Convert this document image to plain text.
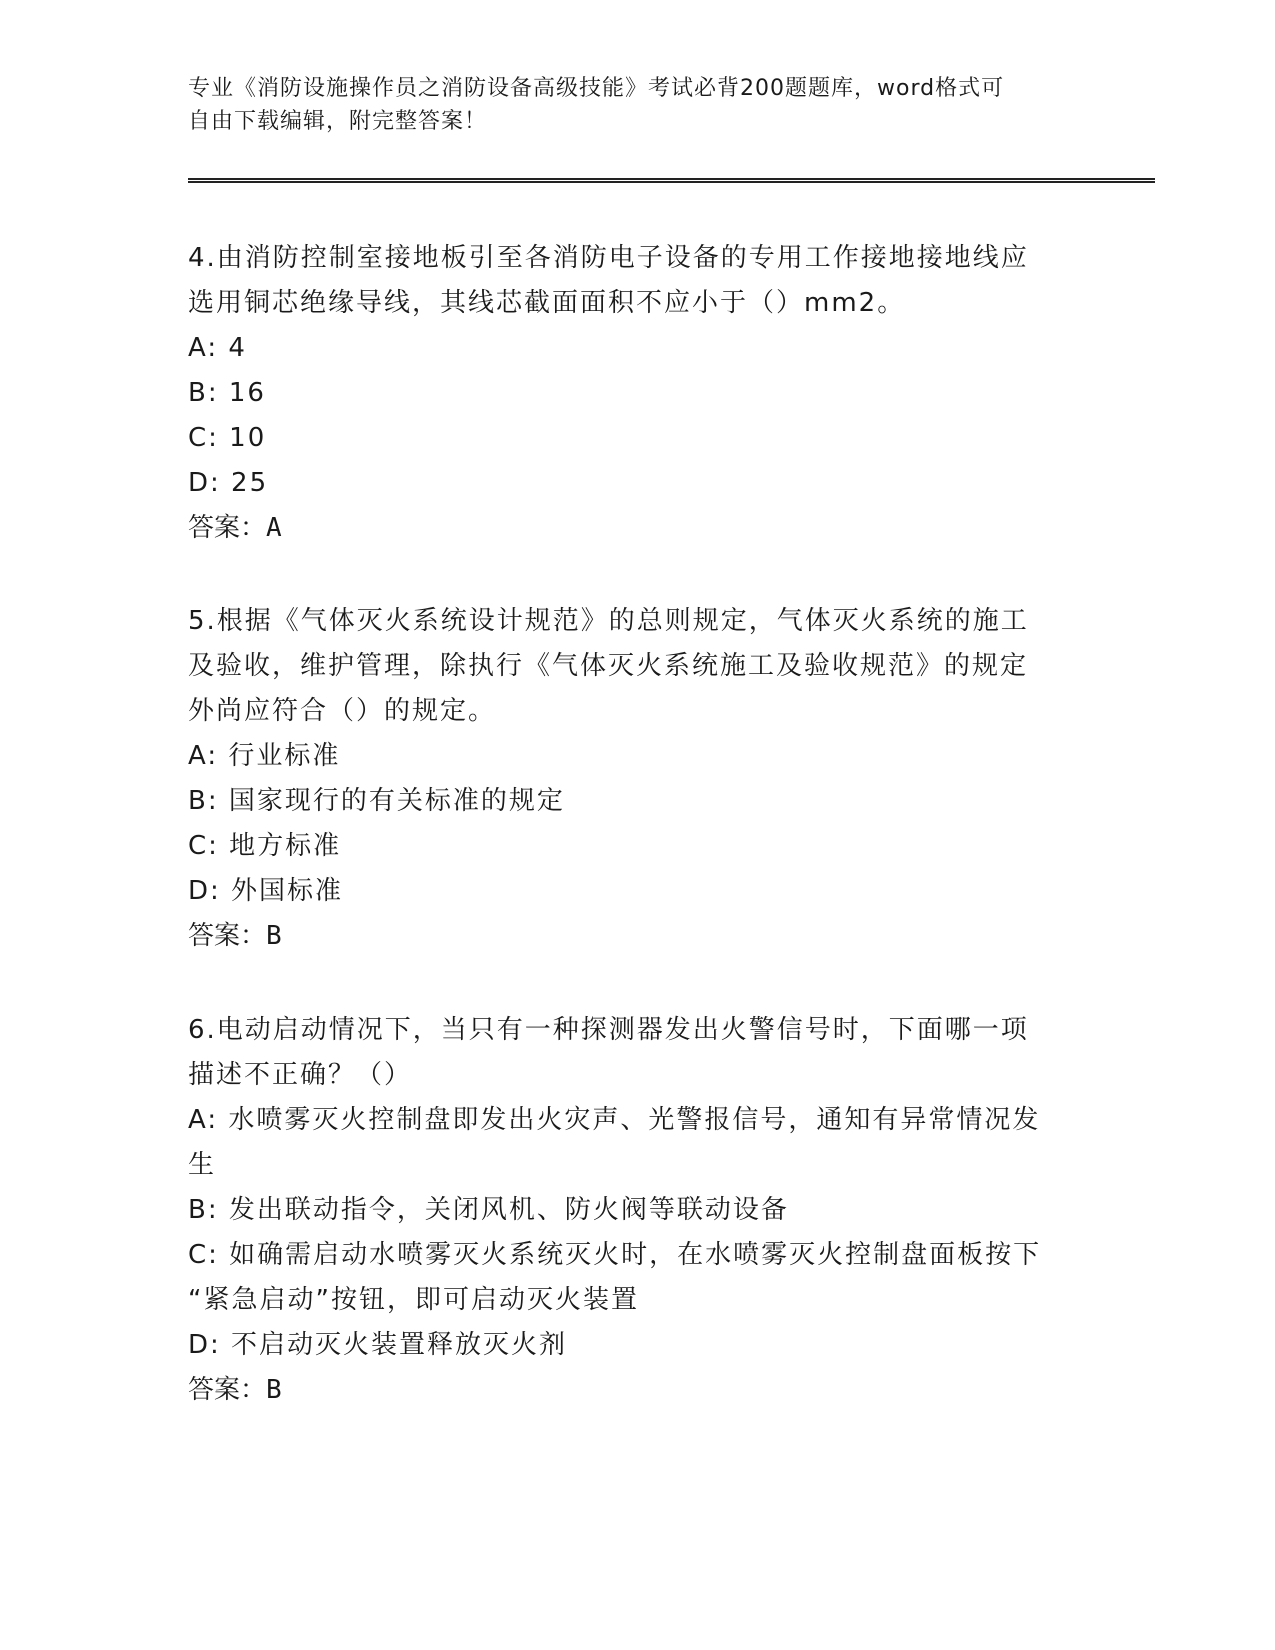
专业《消防设施操作员之消防设备高级技能》考试必背200题题库，word格式可
自由下载编辑，附完整答案！
4.由消防控制室接地板引至各消防电子设备的专用工作接地接地线应
选用铜芯绝缘导线，其线芯截面面积不应小于（）mm2。
A: 4
B: 16
C: 10
D: 25
答案：A
5.根据《气体灭火系统设计规范》的总则规定，气体灭火系统的施工
及验收，维护管理，除执行《气体灭火系统施工及验收规范》的规定
外尚应符合（）的规定。
A: 行业标准
B: 国家现行的有关标准的规定
C: 地方标准
D: 外国标准
答案：B
6.电动启动情况下，当只有一种探测器发出火警信号时，下面哪一项
描述不正确？（）
A: 水喷雾灭火控制盘即发出火灾声、光警报信号，通知有异常情况发
生
B: 发出联动指令，关闭风机、防火阀等联动设备
C: 如确需启动水喷雾灭火系统灭火时，在水喷雾灭火控制盘面板按下
“紧急启动”按钮，即可启动灭火装置
D: 不启动灭火装置释放灭火剂
答案：B
